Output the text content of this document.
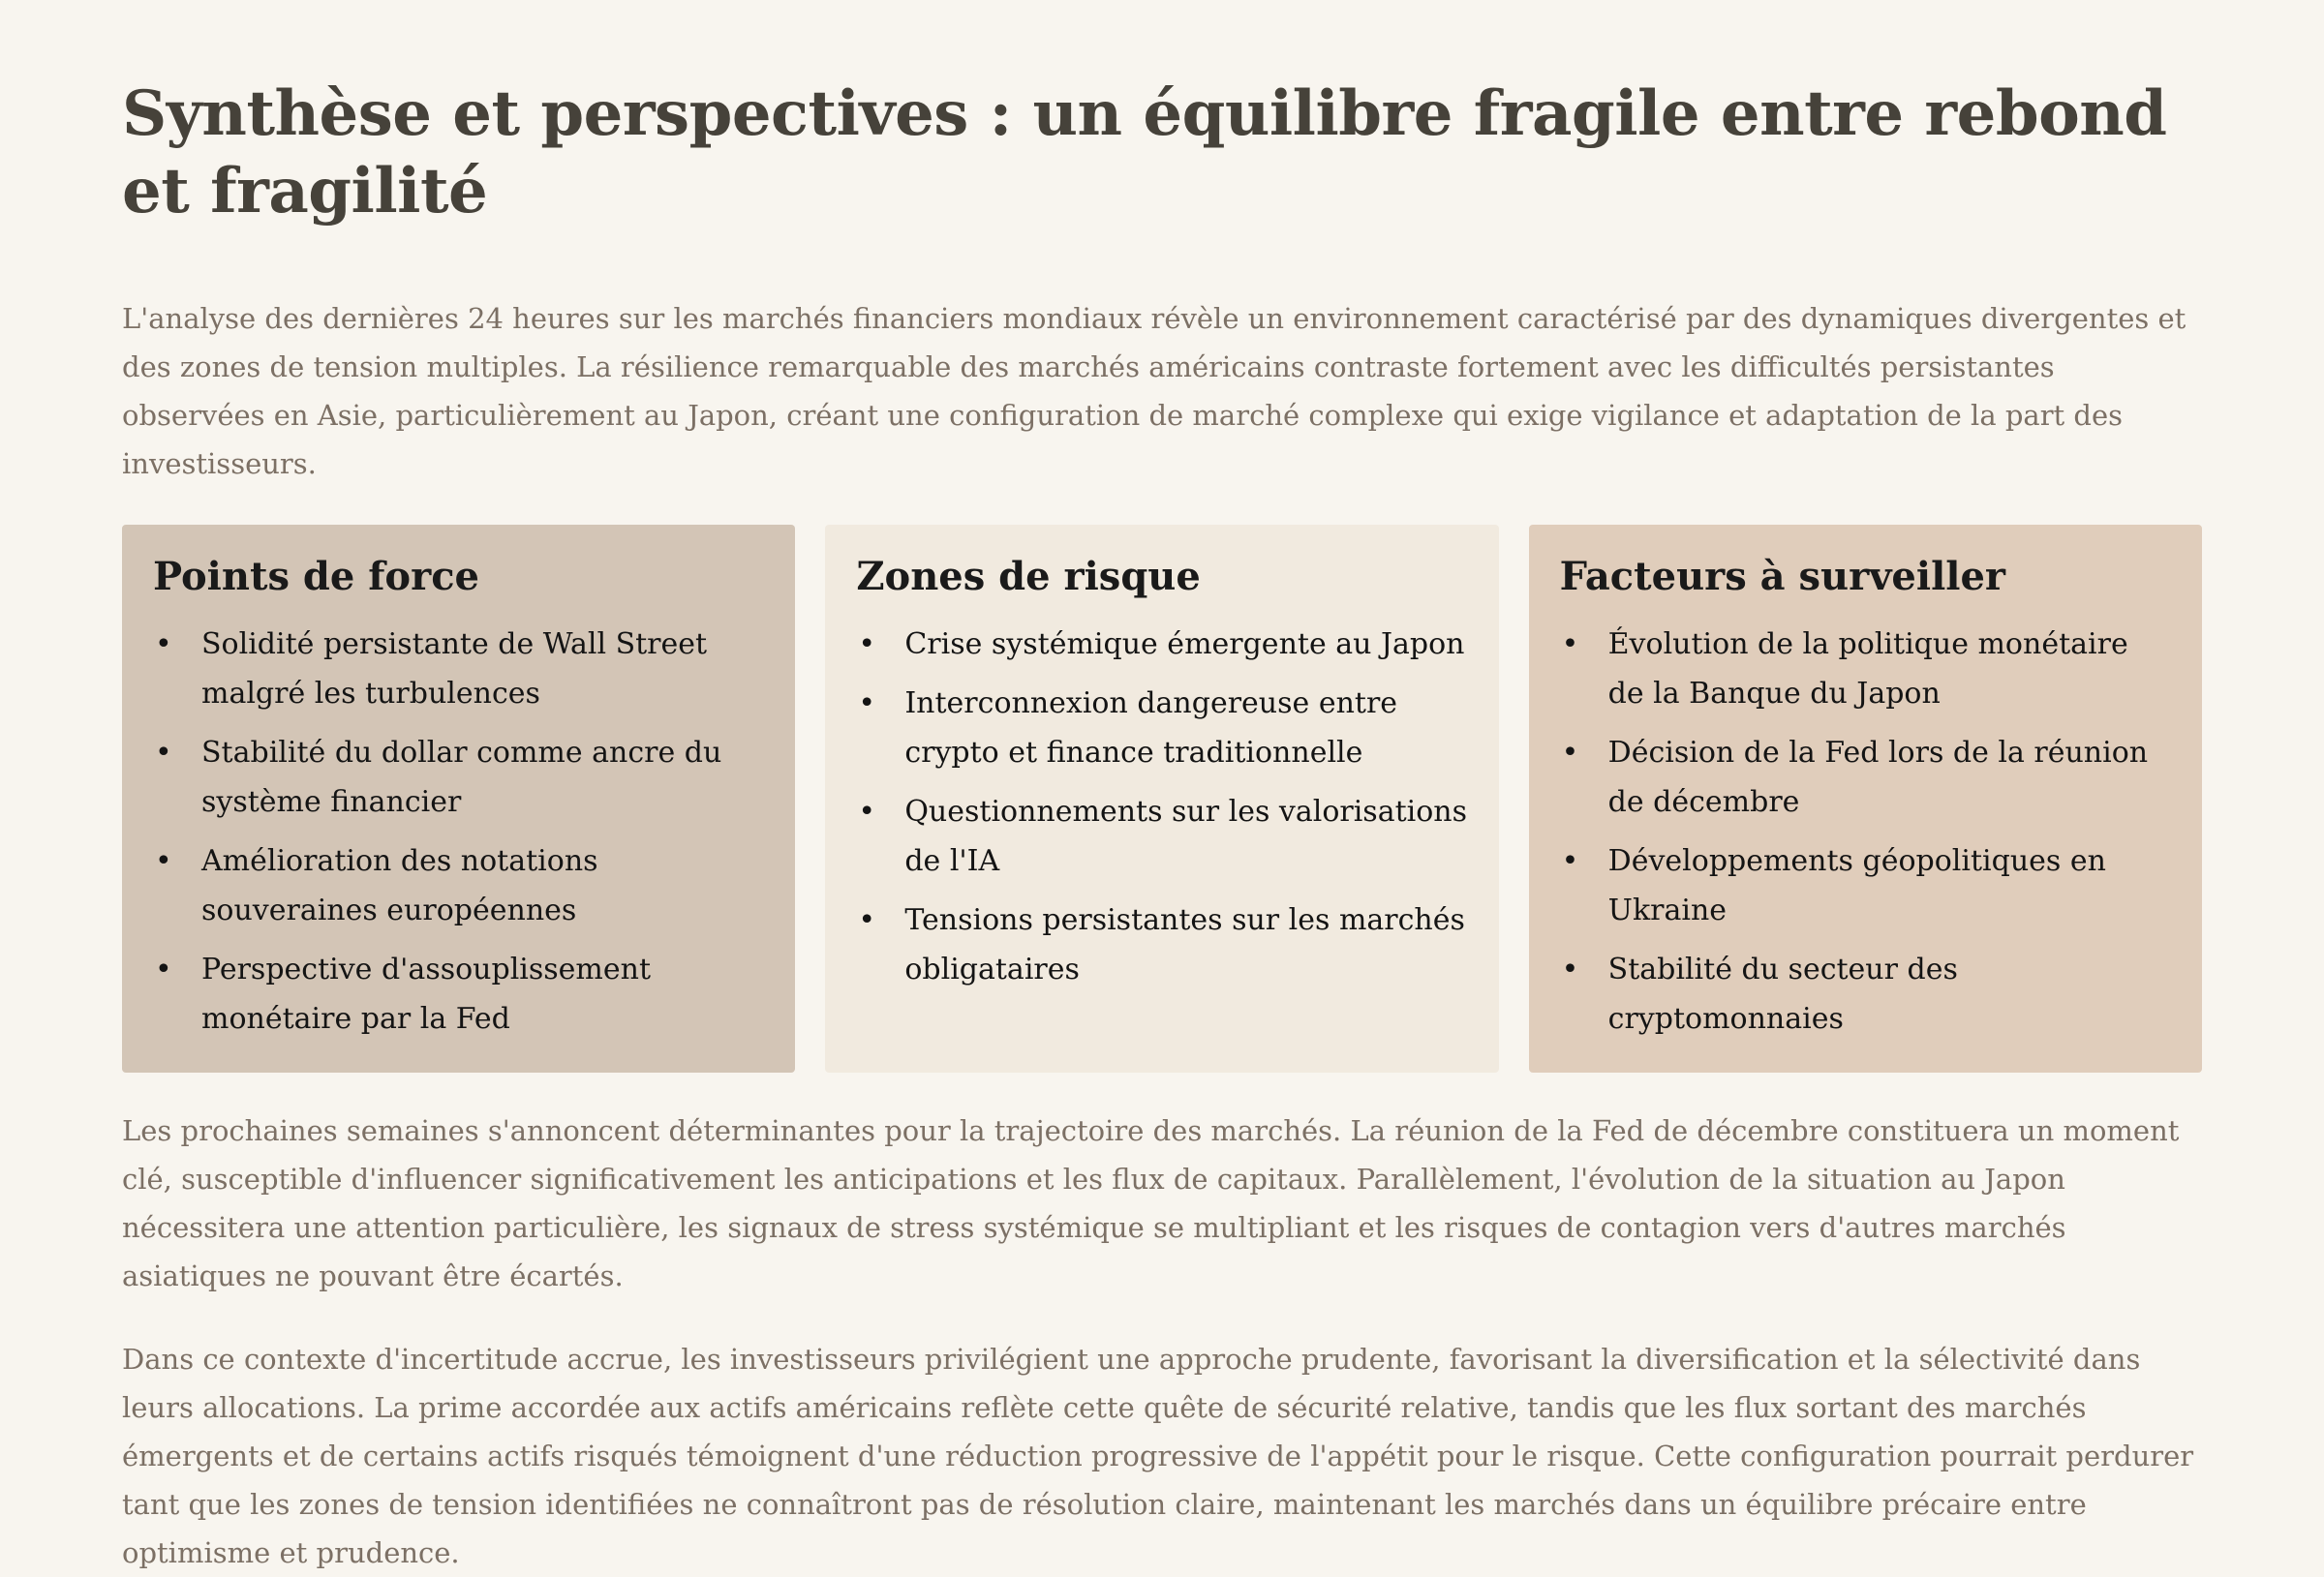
Synthèse et perspectives : un équilibre fragile entre rebond et fragilité

L'analyse des dernières 24 heures sur les marchés financiers mondiaux révèle un environnement caractérisé par des dynamiques divergentes et des zones de tension multiples. La résilience remarquable des marchés américains contraste fortement avec les difficultés persistantes observées en Asie, particulièrement au Japon, créant une configuration de marché complexe qui exige vigilance et adaptation de la part des investisseurs.

Points de force
• Solidité persistante de Wall Street malgré les turbulences
• Stabilité du dollar comme ancre du système financier
• Amélioration des notations souveraines européennes
• Perspective d'assouplissement monétaire par la Fed
Zones de risque
• Crise systémique émergente au Japon
• Interconnexion dangereuse entre crypto et finance traditionnelle
• Questionnements sur les valorisations de l'IA
• Tensions persistantes sur les marchés obligataires
Facteurs à surveiller
• Évolution de la politique monétaire de la Banque du Japon
• Décision de la Fed lors de la réunion de décembre
• Développements géopolitiques en Ukraine
• Stabilité du secteur des cryptomonnaies

Les prochaines semaines s'annoncent déterminantes pour la trajectoire des marchés. La réunion de la Fed de décembre constituera un moment clé, susceptible d'influencer significativement les anticipations et les flux de capitaux. Parallèlement, l'évolution de la situation au Japon nécessitera une attention particulière, les signaux de stress systémique se multipliant et les risques de contagion vers d'autres marchés asiatiques ne pouvant être écartés.

Dans ce contexte d'incertitude accrue, les investisseurs privilégient une approche prudente, favorisant la diversification et la sélectivité dans leurs allocations. La prime accordée aux actifs américains reflète cette quête de sécurité relative, tandis que les flux sortant des marchés émergents et de certains actifs risqués témoignent d'une réduction progressive de l'appétit pour le risque. Cette configuration pourrait perdurer tant que les zones de tension identifiées ne connaîtront pas de résolution claire, maintenant les marchés dans un équilibre précaire entre optimisme et prudence.
